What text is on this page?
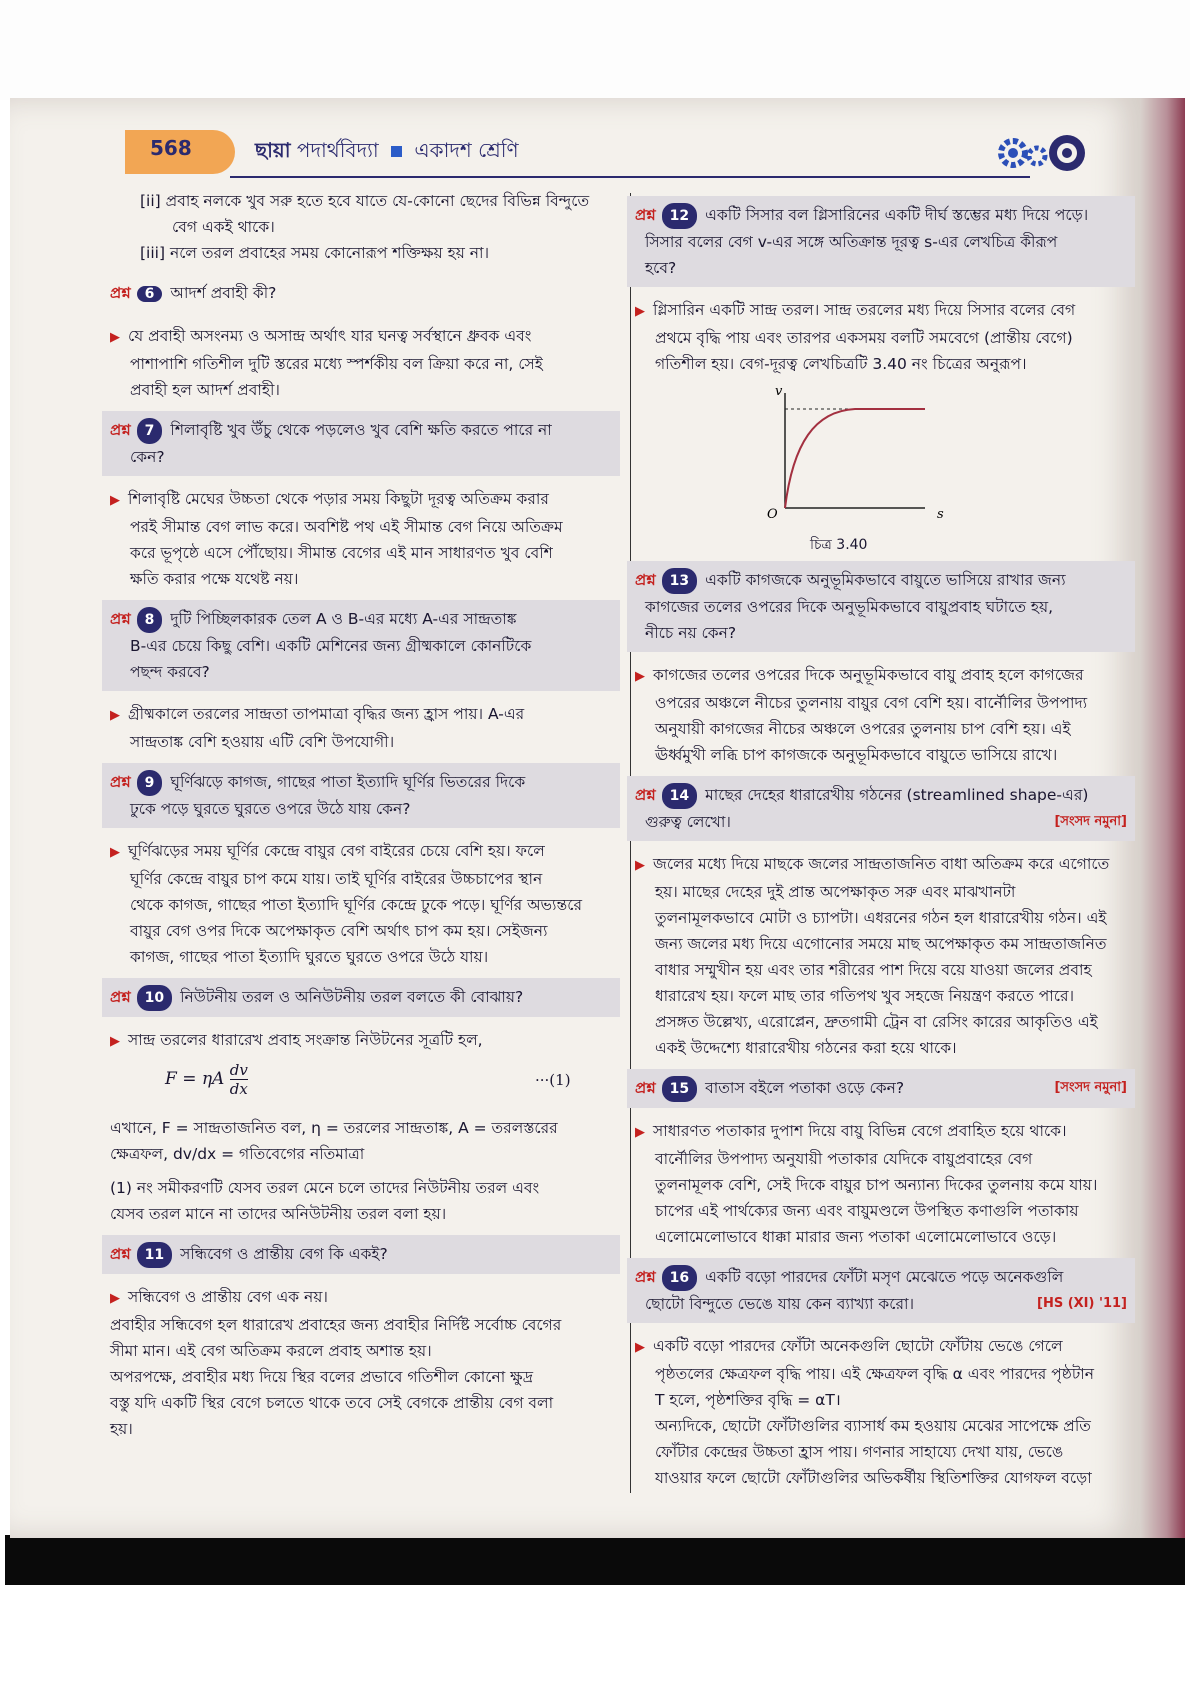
568	ছায়া পদার্থবিদ্যা একাদশ শ্রেণি

[ii] প্রবাহ নলকে খুব সরু হতে হবে যাতে যে-কোনো ছেদের বিভিন্ন বিন্দুতে

বেগ একই থাকে।

[iii] নলে তরল প্রবাহের সময় কোনোরূপ শক্তিক্ষয় হয় না।

প্রশ্ন 6 আদর্শ প্রবাহী কী?

▶ যে প্রবাহী অসংনম্য ও অসান্দ্র অর্থাৎ যার ঘনত্ব সর্বস্থানে ধ্রুবক এবং

পাশাপাশি গতিশীল দুটি স্তরের মধ্যে স্পর্শকীয় বল ক্রিয়া করে না, সেই

প্রবাহী হল আদর্শ প্রবাহী।

প্রশ্ন 7 শিলাবৃষ্টি খুব উঁচু থেকে পড়লেও খুব বেশি ক্ষতি করতে পারে না

কেন?

▶ শিলাবৃষ্টি মেঘের উচ্চতা থেকে পড়ার সময় কিছুটা দূরত্ব অতিক্রম করার

পরই সীমান্ত বেগ লাভ করে। অবশিষ্ট পথ এই সীমান্ত বেগ নিয়ে অতিক্রম

করে ভূপৃষ্ঠে এসে পৌঁছোয়। সীমান্ত বেগের এই মান সাধারণত খুব বেশি

ক্ষতি করার পক্ষে যথেষ্ট নয়।

প্রশ্ন 8 দুটি পিচ্ছিলকারক তেল A ও B-এর মধ্যে A-এর সান্দ্রতাঙ্ক

B-এর চেয়ে কিছু বেশি। একটি মেশিনের জন্য গ্রীষ্মকালে কোনটিকে

পছন্দ করবে?

▶ গ্রীষ্মকালে তরলের সান্দ্রতা তাপমাত্রা বৃদ্ধির জন্য হ্রাস পায়। A-এর

সান্দ্রতাঙ্ক বেশি হওয়ায় এটি বেশি উপযোগী।

প্রশ্ন 9 ঘূর্ণিঝড়ে কাগজ, গাছের পাতা ইত্যাদি ঘূর্ণির ভিতরের দিকে

ঢুকে পড়ে ঘুরতে ঘুরতে ওপরে উঠে যায় কেন?

▶ ঘূর্ণিঝড়ের সময় ঘূর্ণির কেন্দ্রে বায়ুর বেগ বাইরের চেয়ে বেশি হয়। ফলে

ঘূর্ণির কেন্দ্রে বায়ুর চাপ কমে যায়। তাই ঘূর্ণির বাইরের উচ্চচাপের স্থান

থেকে কাগজ, গাছের পাতা ইত্যাদি ঘূর্ণির কেন্দ্রে ঢুকে পড়ে। ঘূর্ণির অভ্যন্তরে

বায়ুর বেগ ওপর দিকে অপেক্ষাকৃত বেশি অর্থাৎ চাপ কম হয়। সেইজন্য

কাগজ, গাছের পাতা ইত্যাদি ঘুরতে ঘুরতে ওপরে উঠে যায়।

প্রশ্ন 10 নিউটনীয় তরল ও অনিউটনীয় তরল বলতে কী বোঝায়?

▶ সান্দ্র তরলের ধারারেখ প্রবাহ সংক্রান্ত নিউটনের সূত্রটি হল,

F = ηA $\frac{dv}{dx}$	···(1)

এখানে, F = সান্দ্রতাজনিত বল, η = তরলের সান্দ্রতাঙ্ক, A = তরলস্তরের

ক্ষেত্রফল, dv/dx = গতিবেগের নতিমাত্রা

(1) নং সমীকরণটি যেসব তরল মেনে চলে তাদের নিউটনীয় তরল এবং

যেসব তরল মানে না তাদের অনিউটনীয় তরল বলা হয়।

প্রশ্ন 11 সন্ধিবেগ ও প্রান্তীয় বেগ কি একই?

▶ সন্ধিবেগ ও প্রান্তীয় বেগ এক নয়।

প্রবাহীর সন্ধিবেগ হল ধারারেখ প্রবাহের জন্য প্রবাহীর নির্দিষ্ট সর্বোচ্চ বেগের

সীমা মান। এই বেগ অতিক্রম করলে প্রবাহ অশান্ত হয়।

অপরপক্ষে, প্রবাহীর মধ্য দিয়ে স্থির বলের প্রভাবে গতিশীল কোনো ক্ষুদ্র

বস্তু যদি একটি স্থির বেগে চলতে থাকে তবে সেই বেগকে প্রান্তীয় বেগ বলা

হয়।

প্রশ্ন 12 একটি সিসার বল গ্লিসারিনের একটি দীর্ঘ স্তম্ভের মধ্য দিয়ে পড়ে।

সিসার বলের বেগ v-এর সঙ্গে অতিক্রান্ত দূরত্ব s-এর লেখচিত্র কীরূপ

হবে?

▶ গ্লিসারিন একটি সান্দ্র তরল। সান্দ্র তরলের মধ্য দিয়ে সিসার বলের বেগ

প্রথমে বৃদ্ধি পায় এবং তারপর একসময় বলটি সমবেগে (প্রান্তীয় বেগে)

গতিশীল হয়। বেগ-দূরত্ব লেখচিত্রটি 3.40 নং চিত্রের অনুরূপ।

v
O	s
চিত্র 3.40

প্রশ্ন 13 একটি কাগজকে অনুভূমিকভাবে বায়ুতে ভাসিয়ে রাখার জন্য

কাগজের তলের ওপরের দিকে অনুভূমিকভাবে বায়ুপ্রবাহ ঘটাতে হয়,

নীচে নয় কেন?

▶ কাগজের তলের ওপরের দিকে অনুভূমিকভাবে বায়ু প্রবাহ হলে কাগজের

ওপরের অঞ্চলে নীচের তুলনায় বায়ুর বেগ বেশি হয়। বার্নৌলির উপপাদ্য

অনুযায়ী কাগজের নীচের অঞ্চলে ওপরের তুলনায় চাপ বেশি হয়। এই

ঊর্ধ্বমুখী লব্ধি চাপ কাগজকে অনুভূমিকভাবে বায়ুতে ভাসিয়ে রাখে।

প্রশ্ন 14 মাছের দেহের ধারারেখীয় গঠনের (streamlined shape-এর)

গুরুত্ব লেখো।	[সংসদ নমুনা]

▶ জলের মধ্যে দিয়ে মাছকে জলের সান্দ্রতাজনিত বাধা অতিক্রম করে এগোতে

হয়। মাছের দেহের দুই প্রান্ত অপেক্ষাকৃত সরু এবং মাঝখানটা

তুলনামূলকভাবে মোটা ও চ্যাপটা। এধরনের গঠন হল ধারারেখীয় গঠন। এই

জন্য জলের মধ্য দিয়ে এগোনোর সময়ে মাছ অপেক্ষাকৃত কম সান্দ্রতাজনিত

বাধার সম্মুখীন হয় এবং তার শরীরের পাশ দিয়ে বয়ে যাওয়া জলের প্রবাহ

ধারারেখ হয়। ফলে মাছ তার গতিপথ খুব সহজে নিয়ন্ত্রণ করতে পারে।

প্রসঙ্গত উল্লেখ্য, এরোপ্লেন, দ্রুতগামী ট্রেন বা রেসিং কারের আকৃতিও এই

একই উদ্দেশ্যে ধারারেখীয় গঠনের করা হয়ে থাকে।

প্রশ্ন 15 বাতাস বইলে পতাকা ওড়ে কেন?	[সংসদ নমুনা]

▶ সাধারণত পতাকার দুপাশ দিয়ে বায়ু বিভিন্ন বেগে প্রবাহিত হয়ে থাকে।

বার্নৌলির উপপাদ্য অনুযায়ী পতাকার যেদিকে বায়ুপ্রবাহের বেগ

তুলনামূলক বেশি, সেই দিকে বায়ুর চাপ অন্যান্য দিকের তুলনায় কমে যায়।

চাপের এই পার্থক্যের জন্য এবং বায়ুমণ্ডলে উপস্থিত কণাগুলি পতাকায়

এলোমেলোভাবে ধাক্কা মারার জন্য পতাকা এলোমেলোভাবে ওড়ে।

প্রশ্ন 16 একটি বড়ো পারদের ফোঁটা মসৃণ মেঝেতে পড়ে অনেকগুলি

ছোটো বিন্দুতে ভেঙে যায় কেন ব্যাখ্যা করো।	[HS (XI) '11]

▶ একটি বড়ো পারদের ফোঁটা অনেকগুলি ছোটো ফোঁটায় ভেঙে গেলে

পৃষ্ঠতলের ক্ষেত্রফল বৃদ্ধি পায়। এই ক্ষেত্রফল বৃদ্ধি α এবং পারদের পৃষ্ঠটান

T হলে, পৃষ্ঠশক্তির বৃদ্ধি = αT।

অন্যদিকে, ছোটো ফোঁটাগুলির ব্যাসার্ধ কম হওয়ায় মেঝের সাপেক্ষে প্রতি

ফোঁটার কেন্দ্রের উচ্চতা হ্রাস পায়। গণনার সাহায্যে দেখা যায়, ভেঙে

যাওয়ার ফলে ছোটো ফোঁটাগুলির অভিকর্ষীয় স্থিতিশক্তির যোগফল বড়ো
